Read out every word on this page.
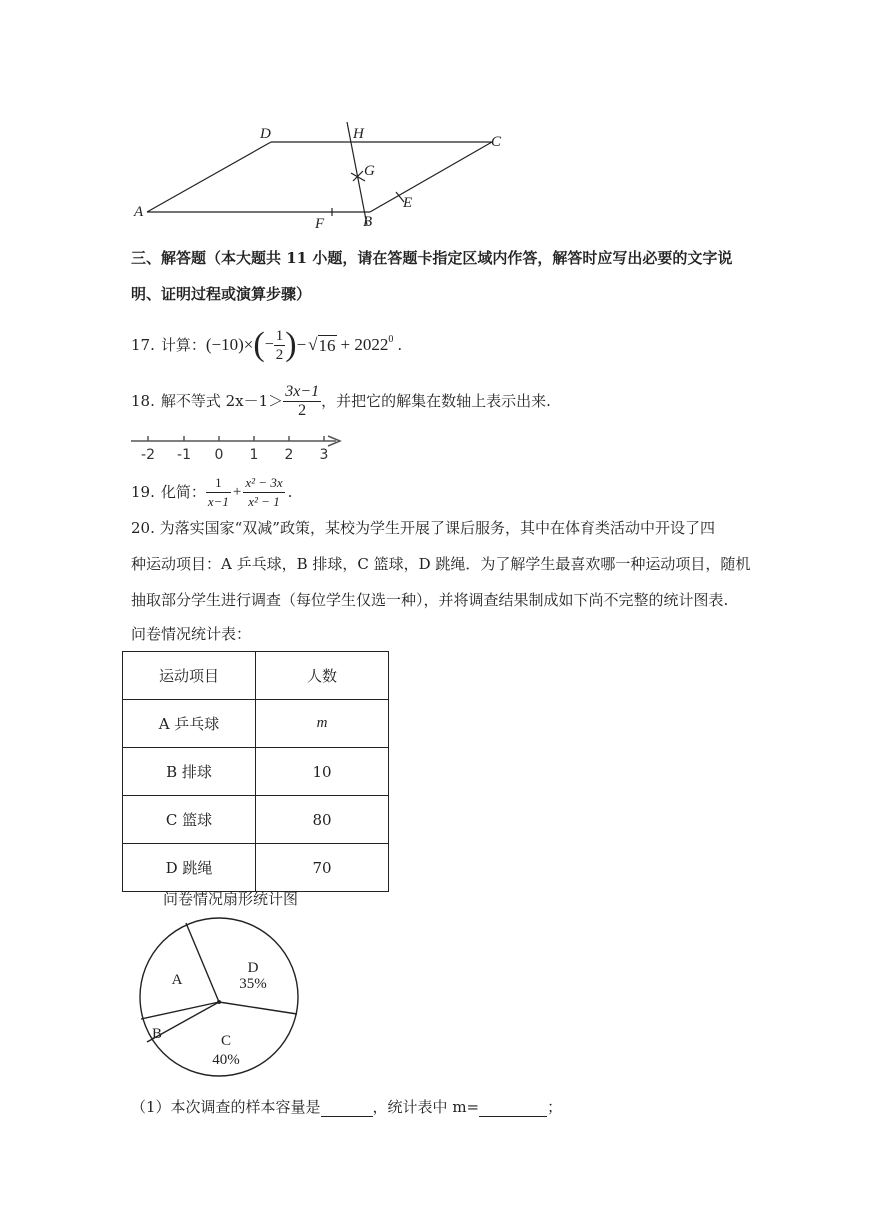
A
D	H	C
G
E
F	B
三、解答题（本大题共 11 小题，请在答题卡指定区域内作答，解答时应写出必要的文字说
明、证明过程或演算步骤）
17. 计算： (−10)× ( − $\frac{1}{2}$ ) − √ $16 + 2022^0$ .
18. 解不等式 $2x-1> \frac{3x-1}{2}$ ，并把它的解集在数轴上表示出来.
-2 -1 0 1 2 3
19. 化简： $\frac{1}{x-1} + \frac{\text{x² − 3x}}{\text{x² − 1}}$ .
20. 为落实国家“双减”政策，某校为学生开展了课后服务，其中在体育类活动中开设了四
种运动项目：A 乒乓球，B 排球，C 篮球，D 跳绳．为了解学生最喜欢哪一种运动项目，随机
抽取部分学生进行调查（每位学生仅选一种），并将调查结果制成如下尚不完整的统计图表.
问卷情况统计表：
运动项目	人数
A 乒乓球	m
B 排球	10
C 篮球	80
D 跳绳	70
问卷情况扇形统计图
A
B	C
40%
D
35%
（1）本次调查的样本容量是	，统计表中 m=	；
